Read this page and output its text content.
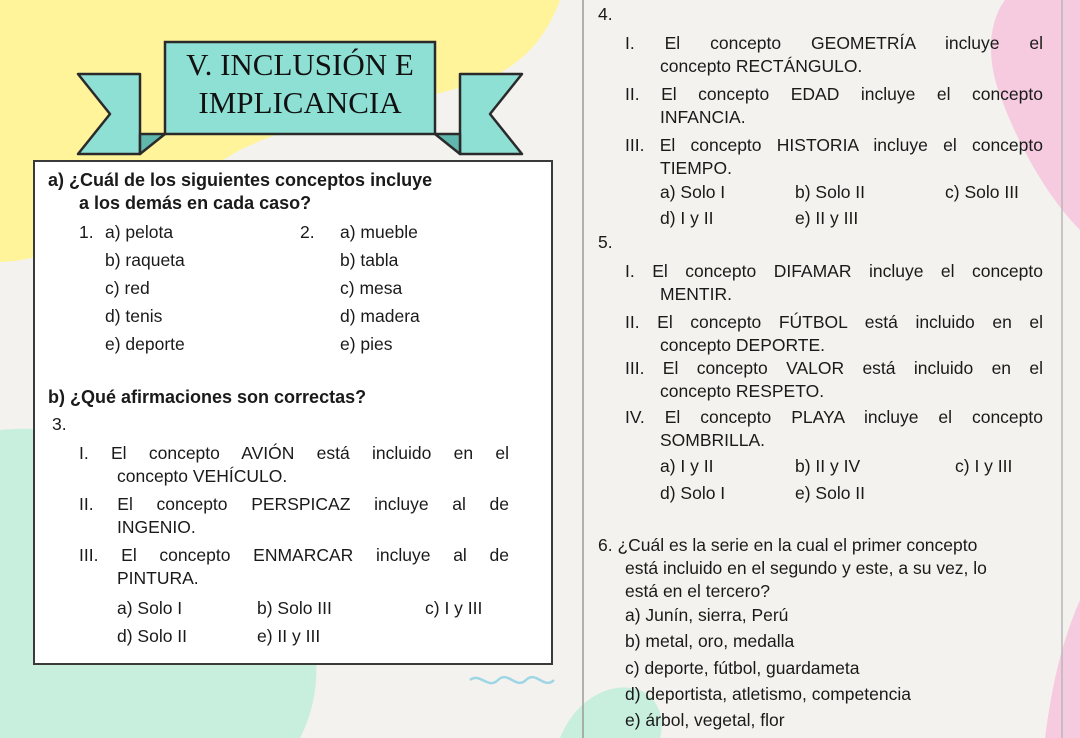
V. INCLUSIÓN E
IMPLICANCIA
a) ¿Cuál de los siguientes conceptos incluye
a los demás en cada caso?
1. a) pelota
b) raqueta
c) red
d) tenis
e) deporte
2. a) mueble
b) tabla
c) mesa
d) madera
e) pies
b) ¿Qué afirmaciones son correctas?
3.
I. El concepto AVIÓN está incluido en el
concepto VEHÍCULO.
II. El concepto PERSPICAZ incluye al de
INGENIO.
III. El concepto ENMARCAR incluye al de
PINTURA.
a) Solo I	b) Solo III	c) I y III
d) Solo II	e) II y III
4.
I. El concepto GEOMETRÍA incluye el
concepto RECTÁNGULO.
II. El concepto EDAD incluye el concepto
INFANCIA.
III. El concepto HISTORIA incluye el concepto
TIEMPO.
a) Solo I	b) Solo II	c) Solo III
d) I y II	e) II y III
5.
I. El concepto DIFAMAR incluye el concepto
MENTIR.
II. El concepto FÚTBOL está incluido en el
concepto DEPORTE.
III. El concepto VALOR está incluido en el
concepto RESPETO.
IV. El concepto PLAYA incluye el concepto
SOMBRILLA.
a) I y II	b) II y IV	c) I y III
d) Solo I	e) Solo II
6. ¿Cuál es la serie en la cual el primer concepto
está incluido en el segundo y este, a su vez, lo
está en el tercero?
a) Junín, sierra, Perú
b) metal, oro, medalla
c) deporte, fútbol, guardameta
d) deportista, atletismo, competencia
e) árbol, vegetal, flor
